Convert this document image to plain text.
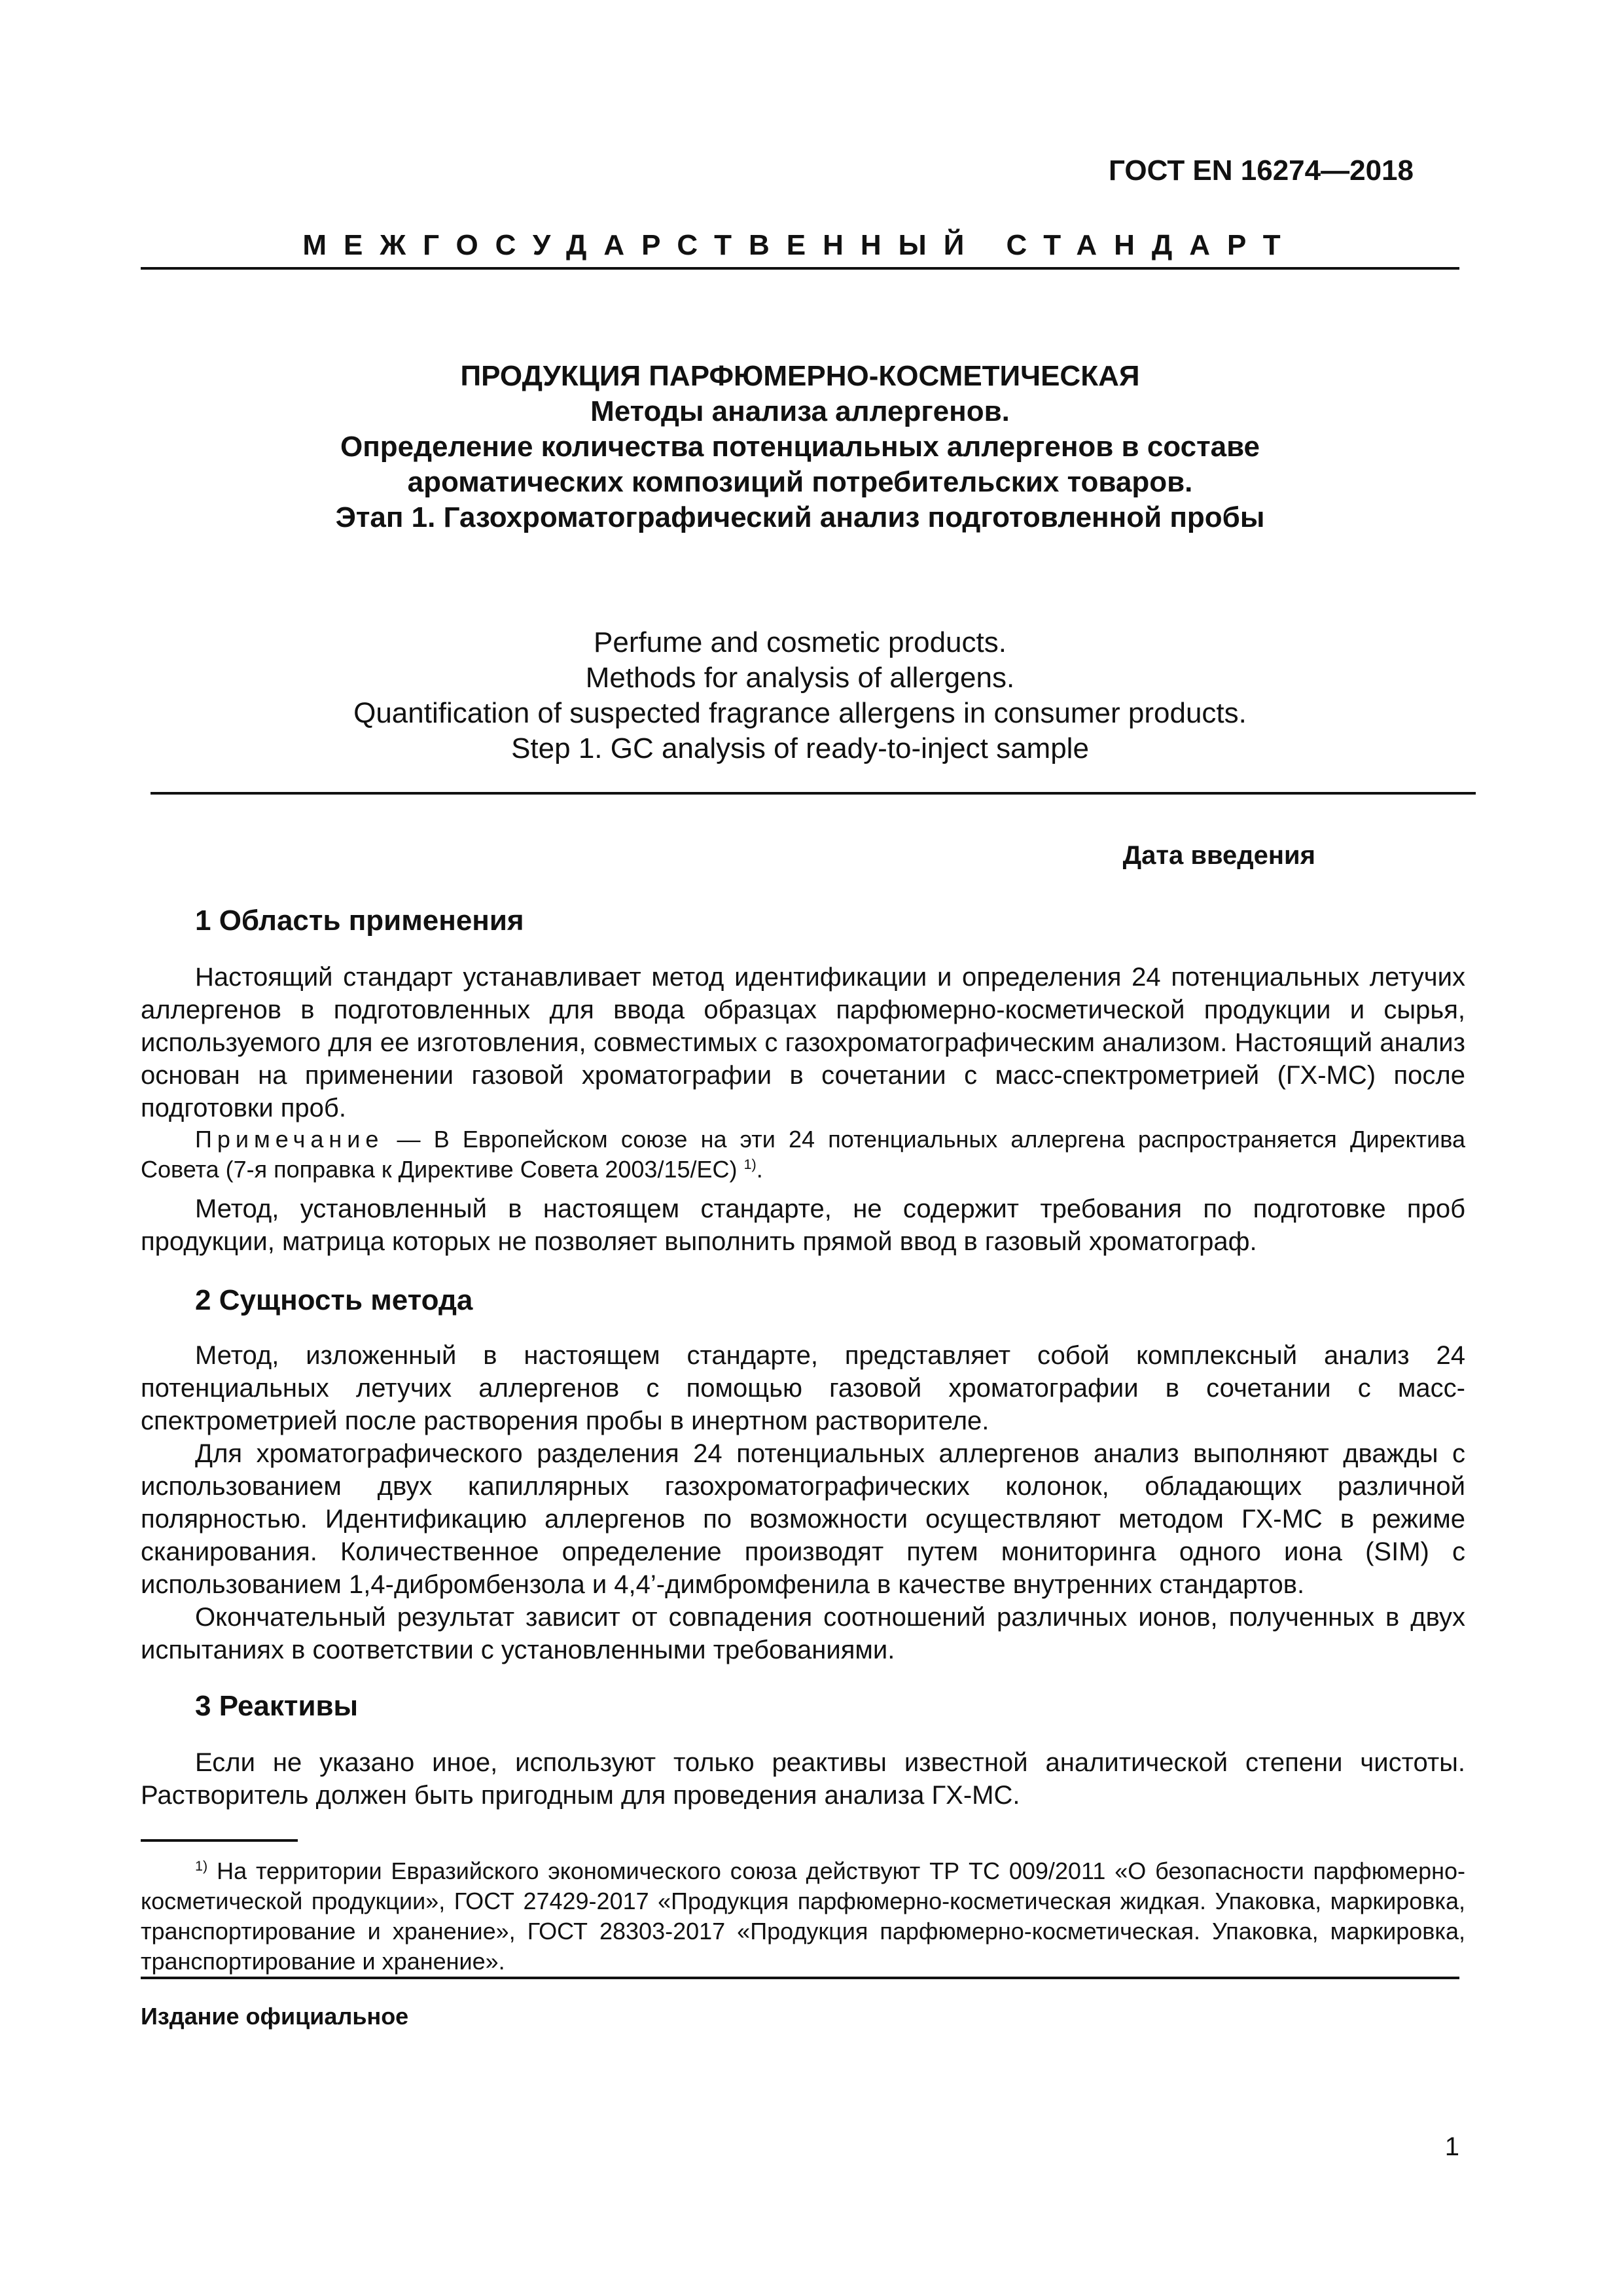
ГОСТ EN 16274—2018
МЕЖГОСУДАРСТВЕННЫЙ СТАНДАРТ
ПРОДУКЦИЯ ПАРФЮМЕРНО-КОСМЕТИЧЕСКАЯ
Методы анализа аллергенов.
Определение количества потенциальных аллергенов в составе
ароматических композиций потребительских товаров.
Этап 1. Газохроматографический анализ подготовленной пробы
Perfume and cosmetic products.
Methods for analysis of allergens.
Quantification of suspected fragrance allergens in consumer products.
Step 1. GC analysis of ready-to-inject sample
Дата введения
1 Область применения

Настоящий стандарт устанавливает метод идентификации и определения 24 потенциальных летучих аллергенов в подготовленных для ввода образцах парфюмерно-косметической продукции и сырья, используемого для ее изготовления, совместимых с газохроматографическим анализом. Настоящий анализ основан на применении газовой хроматографии в сочетании с масс-спектрометрией (ГХ-МС) после подготовки проб.

Примечание — В Европейском союзе на эти 24 потенциальных аллергена распространяется Директива Совета (7-я поправка к Директиве Совета 2003/15/ЕС) $^{1)}$.

Метод, установленный в настоящем стандарте, не содержит требования по подготовке проб продукции, матрица которых не позволяет выполнить прямой ввод в газовый хроматограф.

2 Сущность метода

Метод, изложенный в настоящем стандарте, представляет собой комплексный анализ 24 потенциальных летучих аллергенов с помощью газовой хроматографии в сочетании с масс-спектрометрией после растворения пробы в инертном растворителе.

Для хроматографического разделения 24 потенциальных аллергенов анализ выполняют дважды с использованием двух капиллярных газохроматографических колонок, обладающих различной полярностью. Идентификацию аллергенов по возможности осуществляют методом ГХ-МС в режиме сканирования. Количественное определение производят путем мониторинга одного иона (SIM) с использованием 1,4-дибромбензола и 4,4’-димбромфенила в качестве внутренних стандартов.

Окончательный результат зависит от совпадения соотношений различных ионов, полученных в двух испытаниях в соответствии с установленными требованиями.

3 Реактивы

Если не указано иное, используют только реактивы известной аналитической степени чистоты. Растворитель должен быть пригодным для проведения анализа ГХ-МС.

$^{1)}$ На территории Евразийского экономического союза действуют ТР ТС 009/2011 «О безопасности парфюмерно-косметической продукции», ГОСТ 27429-2017 «Продукция парфюмерно-косметическая жидкая. Упаковка, маркировка, транспортирование и хранение», ГОСТ 28303-2017 «Продукция парфюмерно-косметическая. Упаковка, маркировка, транспортирование и хранение».

Издание официальное
1
